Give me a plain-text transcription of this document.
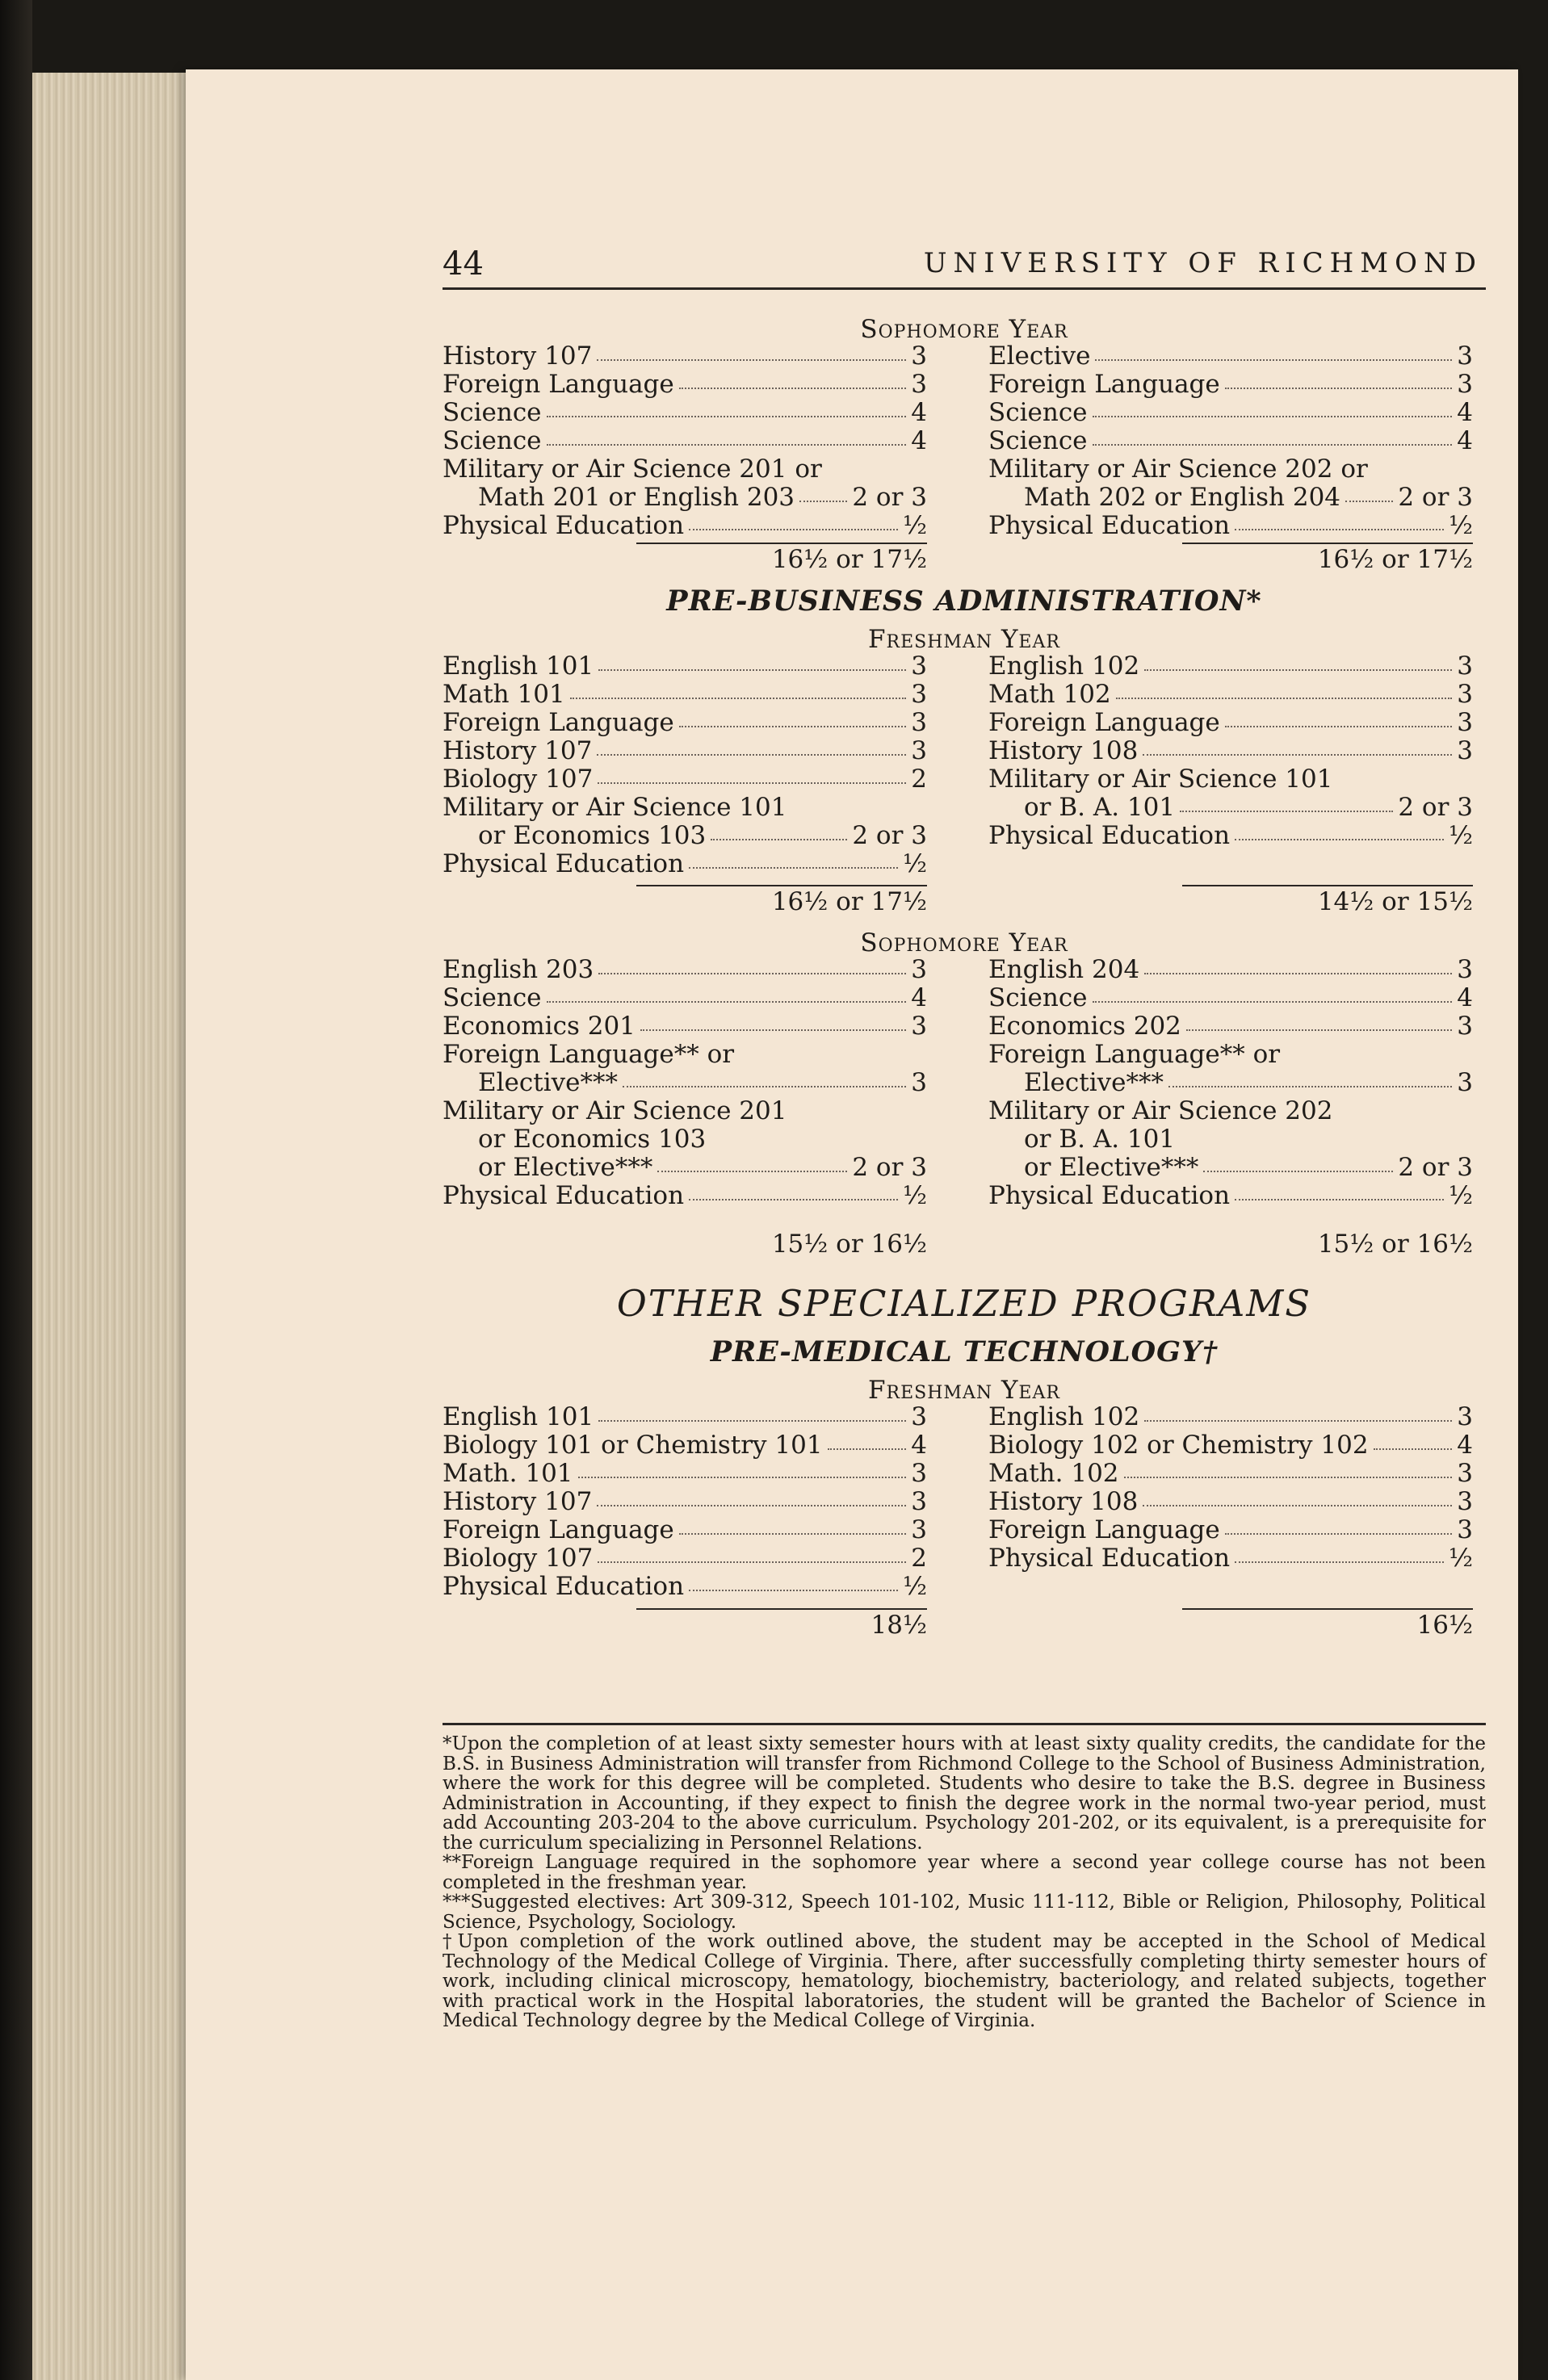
44	UNIVERSITY OF RICHMOND
Sophomore Year
History 107	3
Foreign Language	3
Science	4
Science	4
Military or Air Science 201 or
Math 201 or English 203 2 or 3
Physical Education	½
Elective	3
Foreign Language	3
Science	4
Science	4
Military or Air Science 202 or
Math 202 or English 204 2 or 3
Physical Education	½
16½ or 17½	16½ or 17½
PRE-BUSINESS ADMINISTRATION*
Freshman Year
English 101	3
Math 101	3
Foreign Language	3
History 107	3
Biology 107	2
Military or Air Science 101
or Economics 103	2 or 3
Physical Education	½
English 102	3
Math 102	3
Foreign Language	3
History 108	3
Military or Air Science 101
or B. A. 101	2 or 3
Physical Education	½
16½ or 17½	14½ or 15½
Sophomore Year
English 203	3
Science	4
Economics 201	3
Foreign Language** or
Elective***	3
Military or Air Science 201
or Economics 103
or Elective***	2 or 3
Physical Education	½
English 204	3
Science	4
Economics 202	3
Foreign Language** or
Elective***	3
Military or Air Science 202
or B. A. 101
or Elective***	2 or 3
Physical Education	½
15½ or 16½	15½ or 16½
OTHER SPECIALIZED PROGRAMS
PRE-MEDICAL TECHNOLOGY†
Freshman Year
English 101	3
Biology 101 or Chemistry 101	4
Math. 101	3
History 107	3
Foreign Language	3
Biology 107	2
Physical Education	½
English 102	3
Biology 102 or Chemistry 102	4
Math. 102	3
History 108	3
Foreign Language	3
Physical Education	½
18½	16½

*Upon the completion of at least sixty semester hours with at least sixty quality credits, the candidate for the B.S. in Business Administration will transfer from Richmond College to the School of Business Administration, where the work for this degree will be completed. Students who desire to take the B.S. degree in Business Administration in Accounting, if they expect to finish the degree work in the normal two-year period, must add Accounting 203-204 to the above curriculum. Psychology 201-202, or its equivalent, is a prerequisite for the curriculum specializing in Personnel Relations.

**Foreign Language required in the sophomore year where a second year college course has not been completed in the freshman year.

***Suggested electives: Art 309-312, Speech 101-102, Music 111-112, Bible or Religion, Philosophy, Political Science, Psychology, Sociology.

†Upon completion of the work outlined above, the student may be accepted in the School of Medical Technology of the Medical College of Virginia. There, after successfully completing thirty semester hours of work, including clinical microscopy, hematology, biochemistry, bacteriology, and related subjects, together with practical work in the Hospital laboratories, the student will be granted the Bachelor of Science in Medical Technology degree by the Medical College of Virginia.
